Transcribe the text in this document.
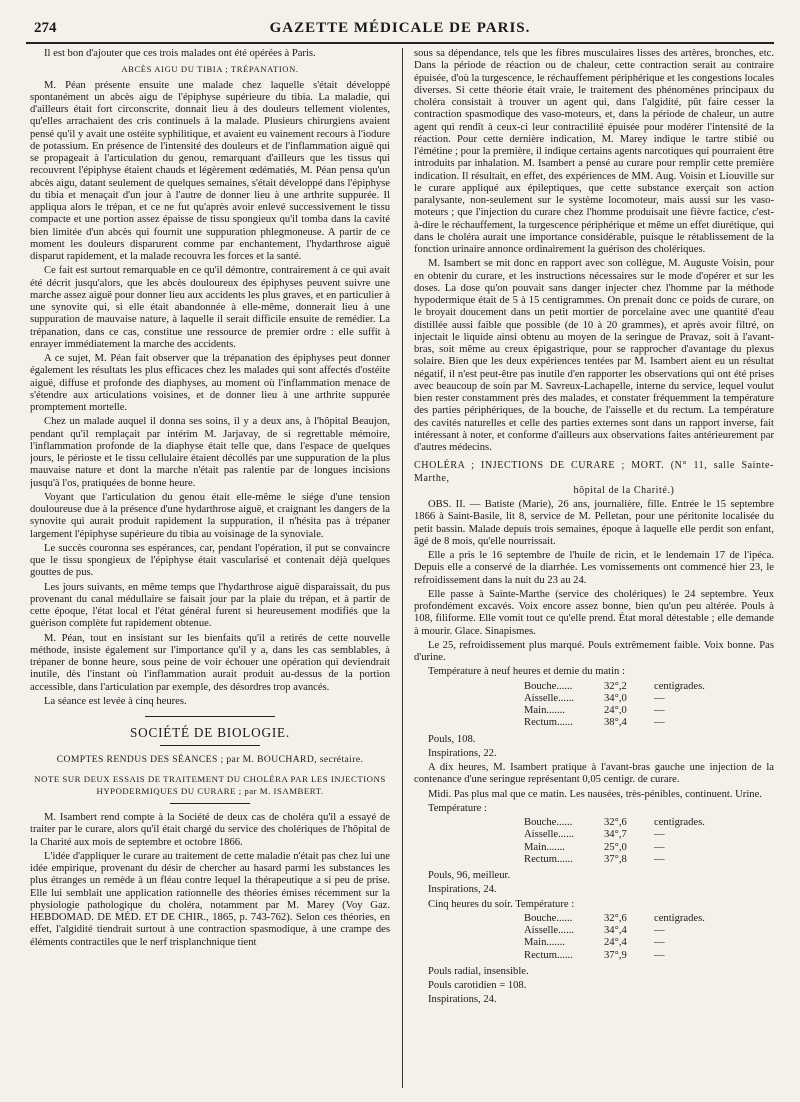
274	GAZETTE MÉDICALE DE PARIS.

Il est bon d'ajouter que ces trois malades ont été opérées à Paris.

ABCÈS AIGU DU TIBIA ; TRÉPANATION.

M. Péan présente ensuite une malade chez laquelle s'était développé spontanément un abcès aigu de l'épiphyse supérieure du tibia. La maladie, qui d'ailleurs était fort circonscrite, donnait lieu à des douleurs tellement violentes, qu'elles arrachaient des cris continuels à la malade. Plusieurs chirurgiens avaient pensé qu'il y avait une ostéite syphilitique, et avaient eu vainement recours à l'iodure de potassium. En présence de l'intensité des douleurs et de l'inflammation aiguë qui se propageait à l'articulation du genou, remarquant d'ailleurs que les tissus qui recouvrent l'épiphyse étaient chauds et légèrement œdématiés, M. Péan pensa qu'un abcès aigu, datant seulement de quelques semaines, s'était développé dans l'épiphyse du tibia et menaçait d'un jour à l'autre de donner lieu à une arthrite suppurée. Il appliqua alors le trépan, et ce ne fut qu'après avoir enlevé successivement le tissu compacte et une portion assez épaisse de tissu spongieux qu'il tomba dans la cavité bien limitée d'un abcès qui fournit une suppuration phlegmoneuse. A partir de ce moment les douleurs disparurent comme par enchantement, l'hydarthrose aiguë disparut rapidement, et la malade recouvra les forces et la santé.

Ce fait est surtout remarquable en ce qu'il démontre, contrairement à ce qui avait été décrit jusqu'alors, que les abcès douloureux des épiphyses peuvent suivre une marche assez aiguë pour donner lieu aux accidents les plus graves, et en particulier à une synovite qui, si elle était abandonnée à elle-même, donnerait lieu à une suppuration de mauvaise nature, à laquelle il serait difficile ensuite de remédier. La trépanation, dans ce cas, constitue une ressource de premier ordre : elle suffit à enrayer immédiatement la marche des accidents.

A ce sujet, M. Péan fait observer que la trépanation des épiphyses peut donner également les résultats les plus efficaces chez les malades qui sont affectés d'ostéite aiguë, diffuse et profonde des diaphyses, au moment où l'inflammation menace de s'étendre aux articulations voisines, et de donner lieu à une arthrite suppurée promptement mortelle.

Chez un malade auquel il donna ses soins, il y a deux ans, à l'hôpital Beaujon, pendant qu'il remplaçait par intérim M. Jarjavay, de si regrettable mémoire, l'inflammation profonde de la diaphyse était telle que, dans l'espace de quelques jours, le périoste et le tissu cellulaire étaient décollés par une suppuration de la plus mauvaise nature et dont la marche n'était pas ralentie par de longues incisions jusqu'à l'os, pratiquées de bonne heure.

Voyant que l'articulation du genou était elle-même le siége d'une tension douloureuse due à la présence d'une hydarthrose aiguë, et craignant les dangers de la synovite qui aurait produit rapidement la suppuration, il n'hésita pas à trépaner largement l'épiphyse supérieure du tibia au voisinage de la synoviale.

Le succès couronna ses espérances, car, pendant l'opération, il put se convaincre que le tissu spongieux de l'épiphyse était vascularisé et contenait déjà quelques gouttes de pus.

Les jours suivants, en même temps que l'hydarthrose aiguë disparaissait, du pus provenant du canal médullaire se faisait jour par la plaie du trépan, et à partir de cette époque, l'état local et l'état général furent si heureusement modifiés que la guérison complète fut rapidement obtenue.

M. Péan, tout en insistant sur les bienfaits qu'il a retirés de cette nouvelle méthode, insiste également sur l'importance qu'il y a, dans les cas semblables, à trépaner de bonne heure, sous peine de voir échouer une opération qui deviendrait inutile, dès l'instant où l'inflammation aurait produit au-dessus de la portion accessible, dans l'articulation par exemple, des désordres trop avancés.

La séance est levée à cinq heures.

SOCIÉTÉ DE BIOLOGIE.

COMPTES RENDUS DES SÉANCES ; par M. BOUCHARD, secrétaire.

NOTE SUR DEUX ESSAIS DE TRAITEMENT DU CHOLÉRA PAR LES INJECTIONS HYPODERMIQUES DU CURARE ; par M. ISAMBERT.

M. Isambert rend compte à la Société de deux cas de choléra qu'il a essayé de traiter par le curare, alors qu'il était chargé du service des cholériques de l'hôpital de la Charité aux mois de septembre et octobre 1866.

L'idée d'appliquer le curare au traitement de cette maladie n'était pas chez lui une idée empirique, provenant du désir de chercher au hasard parmi les substances les plus étranges un remède à un fléau contre lequel la thérapeutique a si peu de prise. Elle lui semblait une application rationnelle des théories émises récemment sur la physiologie pathologique du choléra, notamment par M. Marey (Voy Gaz. HEBDOMAD. DE MÉD. ET DE CHIR., 1865, p. 743-762). Selon ces théories, en effet, l'algidité tiendrait surtout à une contraction spasmodique, à une crampe des éléments contractiles que le nerf trisplanchnique tient

sous sa dépendance, tels que les fibres musculaires lisses des artères, bronches, etc. Dans la période de réaction ou de chaleur, cette contraction serait au contraire épuisée, d'où la turgescence, le réchauffement périphérique et les congestions locales diverses. Si cette théorie était vraie, le traitement des phénomènes principaux du choléra consistait à trouver un agent qui, dans l'algidité, pût faire cesser la contraction spasmodique des vaso-moteurs, et, dans la période de chaleur, un autre agent qui rendît à ceux-ci leur contractilité épuisée pour modérer l'intensité de la réaction. Pour cette dernière indication, M. Marey indique le tartre stibié ou l'émétine ; pour la première, il indique certains agents narcotiques qui pourraient être introduits par inhalation. M. Isambert a pensé au curare pour remplir cette première indication. Il résultait, en effet, des expériences de MM. Aug. Voisin et Liouville sur le curare appliqué aux épileptiques, que cette substance exerçait son action paralysante, non-seulement sur le système locomoteur, mais aussi sur les vaso-moteurs ; que l'injection du curare chez l'homme produisait une fièvre factice, c'est-à-dire le réchauffement, la turgescence périphérique et même un effet diurétique, qui dans le choléra aurait une importance considérable, puisque le rétablissement de la fonction urinaire annonce ordinairement la guérison des cholériques.

M. Isambert se mit donc en rapport avec son collègue, M. Auguste Voisin, pour en obtenir du curare, et les instructions nécessaires sur le mode d'opérer et sur les doses. La dose qu'on pouvait sans danger injecter chez l'homme par la méthode hypodermique était de 5 à 15 centigrammes. On prenait donc ce poids de curare, on le broyait doucement dans un petit mortier de porcelaine avec une quantité d'eau distillée aussi faible que possible (de 10 à 20 grammes), et après avoir filtré, on injectait le liquide ainsi obtenu au moyen de la seringue de Pravaz, soit à l'avant-bras, soit même au creux épigastrique, pour se rapprocher d'avantage du plexus solaire. Bien que les deux expériences tentées par M. Isambert aient eu un résultat négatif, il n'est peut-être pas inutile d'en rapporter les observations qui ont été prises avec beaucoup de soin par M. Savreux-Lachapelle, interne du service, lequel voulut bien rester constamment près des malades, et constater fréquemment la température des parties périphériques, de la bouche, de l'aisselle et du rectum. La température des cavités naturelles et celle des parties externes sont dans un rapport inverse, fait intéressant à noter, et conforme d'ailleurs aux observations faites antérieurement par d'autres médecins.

CHOLÉRA ; INJECTIONS DE CURARE ; MORT. (N° 11, salle Sainte-Marthe,
hôpital de la Charité.)

OBS. II. — Batiste (Marie), 26 ans, journalière, fille. Entrée le 15 septembre 1866 à Saint-Basile, lit 8, service de M. Pelletan, pour une péritonite localisée du petit bassin. Malade depuis trois semaines, époque à laquelle elle perdit son enfant, âgé de 8 mois, qu'elle nourrissait.

Elle a pris le 16 septembre de l'huile de ricin, et le lendemain 17 de l'ipéca. Depuis elle a conservé de la diarrhée. Les vomissements ont commencé hier 23, le refroidissement dans la nuit du 23 au 24.

Elle passe à Sainte-Marthe (service des cholériques) le 24 septembre. Yeux profondément excavés. Voix encore assez bonne, bien qu'un peu altérée. Pouls à 108, filiforme. Elle vomit tout ce qu'elle prend. État moral détestable ; elle demande à mourir. Glace. Sinapismes.

Le 25, refroidissement plus marqué. Pouls extrêmement faible. Voix bonne. Pas d'urine.

Température à neuf heures et demie du matin :

Bouche......	32°,2	centigrades.
Aisselle......	34°,0	—
Main.......	24°,0	—
Rectum......	38°,4	—

Pouls, 108.

Inspirations, 22.

A dix heures, M. Isambert pratique à l'avant-bras gauche une injection de la contenance d'une seringue représentant 0,05 centigr. de curare.

Midi. Pas plus mal que ce matin. Les nausées, très-pénibles, continuent. Urine.

Température :

Bouche......	32°,6	centigrades.
Aisselle......	34°,7	—
Main.......	25°,0	—
Rectum......	37°,8	—

Pouls, 96, meilleur.

Inspirations, 24.

Cinq heures du soir. Température :

Bouche......	32°,6	centigrades.
Aisselle......	34°,4	—
Main.......	24°,4	—
Rectum......	37°,9	—

Pouls radial, insensible.

Pouls carotidien = 108.

Inspirations, 24.
